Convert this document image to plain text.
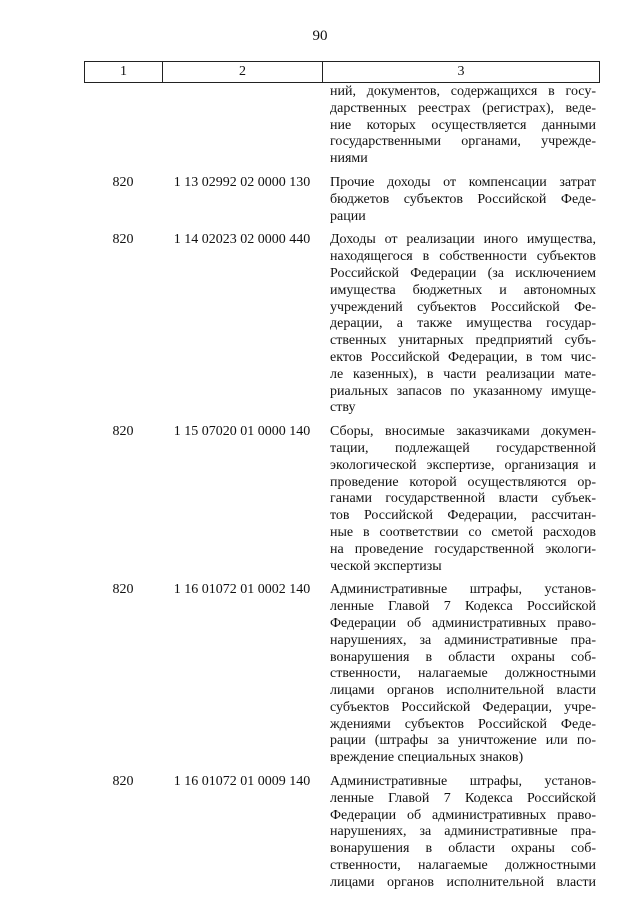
90
1	2	3
ний, документов, содержащихся в госу-
дарственных реестрах (регистрах), веде-
ние которых осуществляется данными
государственными органами, учрежде-
ниями
820	1 13 02992 02 0000 130	Прочие доходы от компенсации затрат
бюджетов субъектов Российской Феде-
рации
820	1 14 02023 02 0000 440	Доходы от реализации иного имущества,
находящегося в собственности субъектов
Российской Федерации (за исключением
имущества бюджетных и автономных
учреждений субъектов Российской Фе-
дерации, а также имущества государ-
ственных унитарных предприятий субъ-
ектов Российской Федерации, в том чис-
ле казенных), в части реализации мате-
риальных запасов по указанному имуще-
ству
820	1 15 07020 01 0000 140	Сборы, вносимые заказчиками докумен-
тации, подлежащей государственной
экологической экспертизе, организация и
проведение которой осуществляются ор-
ганами государственной власти субъек-
тов Российской Федерации, рассчитан-
ные в соответствии со сметой расходов
на проведение государственной экологи-
ческой экспертизы
820	1 16 01072 01 0002 140	Административные штрафы, установ-
ленные Главой 7 Кодекса Российской
Федерации об административных право-
нарушениях, за административные пра-
вонарушения в области охраны соб-
ственности, налагаемые должностными
лицами органов исполнительной власти
субъектов Российской Федерации, учре-
ждениями субъектов Российской Феде-
рации (штрафы за уничтожение или по-
вреждение специальных знаков)
820	1 16 01072 01 0009 140	Административные штрафы, установ-
ленные Главой 7 Кодекса Российской
Федерации об административных право-
нарушениях, за административные пра-
вонарушения в области охраны соб-
ственности, налагаемые должностными
лицами органов исполнительной власти
